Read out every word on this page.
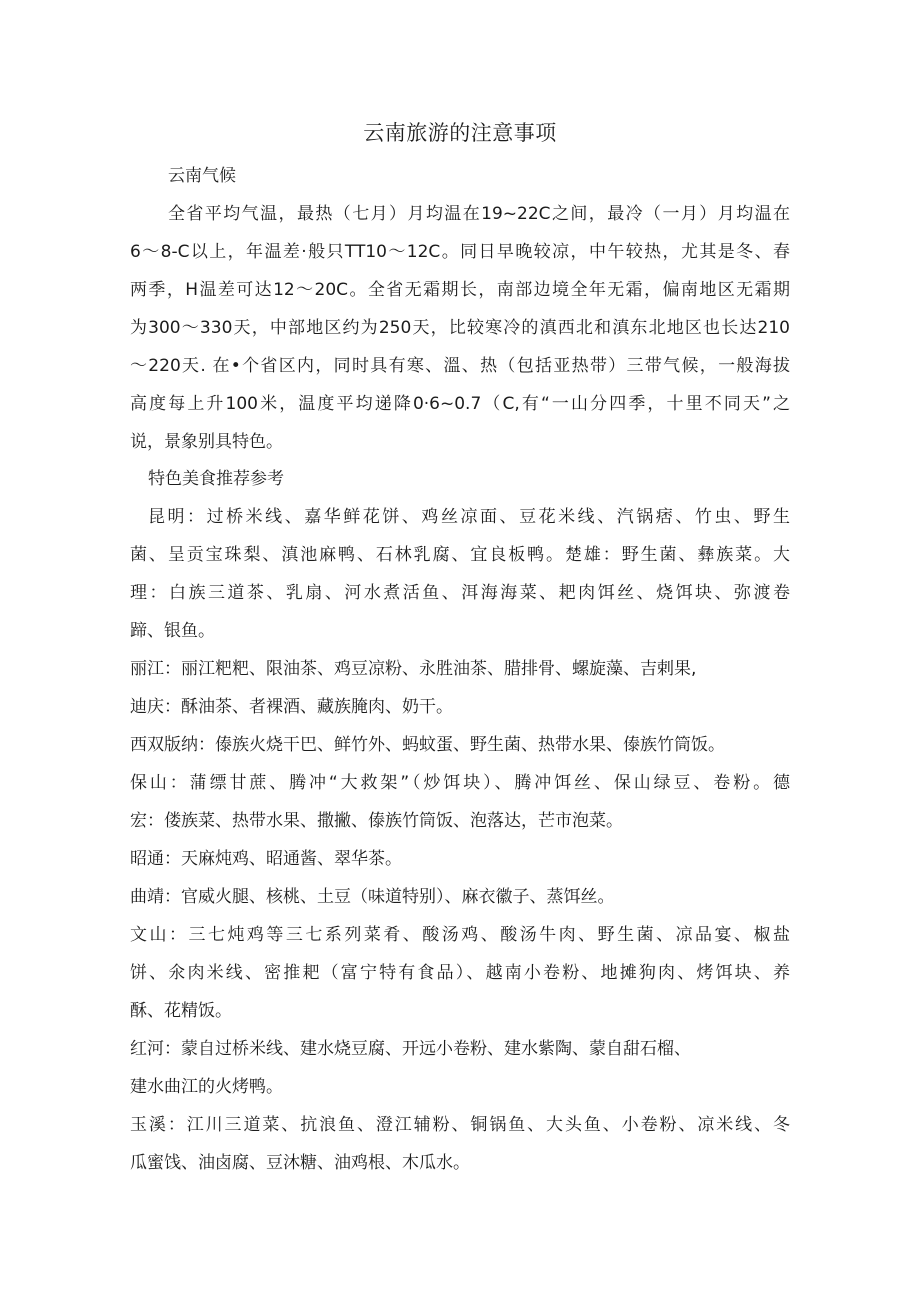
云南旅游的注意事项
云南气候
全省平均气温，最热（七月）月均温在19~22C之间，最冷（一月）月均温在
6～8-C以上，年温差·般只TT10～12C。同日早晚较凉，中午较热，尤其是冬、春
两季，H温差可达12～20C。全省无霜期长，南部边境全年无霜，偏南地区无霜期
为300～330天，中部地区约为250天，比较寒冷的滇西北和滇东北地区也长达210
～220天. 在•个省区内，同时具有寒、溫、热（包括亚热带）三带气候，一般海拔
高度每上升100米，温度平均递降0·6~0.7（C,有“一山分四季，十里不同天”之
说，景象别具特色。
特色美食推荐参考
昆明：过桥米线、嘉华鲜花饼、鸡丝凉面、豆花米线、汽锅痞、竹虫、野生
菌、呈贡宝珠梨、滇池麻鸭、石林乳腐、宜良板鸭。楚雄：野生菌、彝族菜。大
理：白族三道茶、乳扇、河水煮活鱼、洱海海菜、耙肉饵丝、烧饵块、弥渡卷
蹄、银鱼。
丽江：丽江粑粑、限油茶、鸡豆凉粉、永胜油茶、腊排骨、螺旋藻、吉剌果,
迪庆：酥油茶、者裸酒、藏族腌肉、奶干。
西双版纳：傣族火烧干巴、鲜竹外、蚂蚊蛋、野生菌、热带水果、傣族竹筒饭。
保山：蒲缥甘蔗、腾冲“大救架”（炒饵块）、腾冲饵丝、保山绿豆、卷粉。德
宏：偻族菜、热带水果、撒撇、傣族竹筒饭、泡落达，芒市泡菜。
昭通：天麻炖鸡、昭通酱、翠华茶。
曲靖：官威火腿、核桃、土豆（味道特别）、麻衣徽子、蒸饵丝。
文山：三七炖鸡等三七系列菜肴、酸汤鸡、酸汤牛肉、野生菌、凉品宴、椒盐
饼、氽肉米线、密推耙（富宁特有食品）、越南小卷粉、地摊狗肉、烤饵块、养
酥、花精饭。
红河：蒙自过桥米线、建水烧豆腐、开远小卷粉、建水紫陶、蒙自甜石榴、
建水曲江的火烤鸭。
玉溪：江川三道菜、抗浪鱼、澄江辅粉、铜锅鱼、大头鱼、小卷粉、凉米线、冬
瓜蜜饯、油卤腐、豆沐糖、油鸡根、木瓜水。
